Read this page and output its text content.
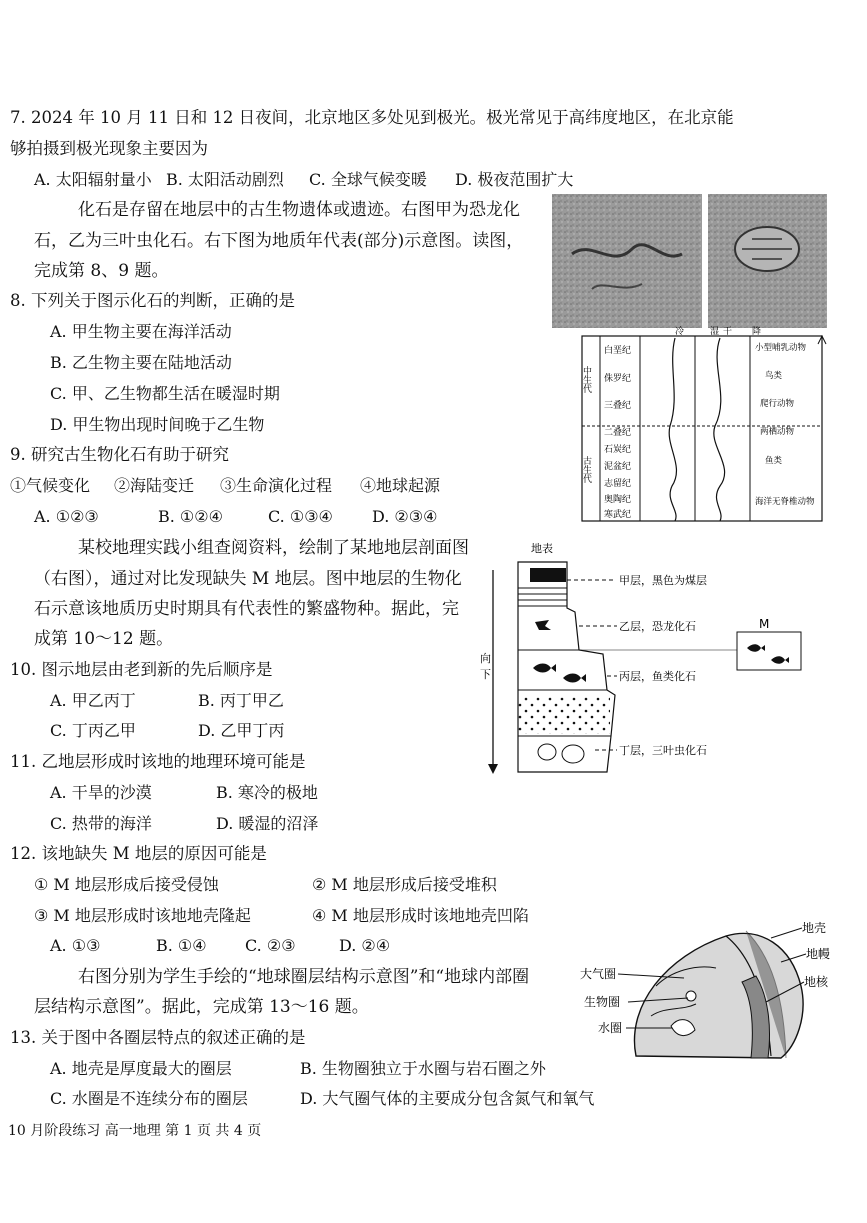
7. 2024 年 10 月 11 日和 12 日夜间，北京地区多处见到极光。极光常见于高纬度地区，在北京能
够拍摄到极光现象主要因为
A. 太阳辐射量小 B. 太阳活动剧烈 C. 全球气候变暖 D. 极夜范围扩大
化石是存留在地层中的古生物遗体或遗迹。右图甲为恐龙化
石，乙为三叶虫化石。右下图为地质年代表(部分)示意图。读图，
完成第 8、9 题。
8. 下列关于图示化石的判断，正确的是
A. 甲生物主要在海洋活动
B. 乙生物主要在陆地活动
C. 甲、乙生物都生活在暖湿时期
D. 甲生物出现时间晚于乙生物
冷	湿 干 降
中生代
古生代
白垩纪
侏罗纪
三叠纪
二叠纪
石炭纪
泥盆纪
志留纪
奥陶纪
寒武纪
小型哺乳动物
鸟类
爬行动物
两栖动物
鱼类
海洋无脊椎动物
9. 研究古生物化石有助于研究
①气候变化 ②海陆变迁 ③生命演化过程 ④地球起源
A. ①②③	B. ①②④	C. ①③④ D. ②③④
某校地理实践小组查阅资料，绘制了某地地层剖面图
（右图），通过对比发现缺失 M 地层。图中地层的生物化
石示意该地质历史时期具有代表性的繁盛物种。据此，完
成第 10～12 题。
地表
向
下
甲层，黑色为煤层
乙层，恐龙化石
丙层，鱼类化石
丁层，三叶虫化石
M
10. 图示地层由老到新的先后顺序是
A. 甲乙丙丁	B. 丙丁甲乙
C. 丁丙乙甲	D. 乙甲丁丙
11. 乙地层形成时该地的地理环境可能是
A. 干旱的沙漠	B. 寒冷的极地
C. 热带的海洋	D. 暖湿的沼泽
12. 该地缺失 M 地层的原因可能是
① M 地层形成后接受侵蚀	② M 地层形成后接受堆积
③ M 地层形成时该地地壳隆起	④ M 地层形成时该地地壳凹陷
A. ①③	B. ①④ C. ②③	D. ②④
右图分别为学生手绘的“地球圈层结构示意图”和“地球内部圈
层结构示意图”。据此，完成第 13～16 题。
大气圈
生物圈
水圈
地壳
地幔
地核
13. 关于图中各圈层特点的叙述正确的是
A. 地壳是厚度最大的圈层	B. 生物圈独立于水圈与岩石圈之外
C. 水圈是不连续分布的圈层	D. 大气圈气体的主要成分包含氮气和氧气
10 月阶段练习 高一地理 第 1 页 共 4 页
